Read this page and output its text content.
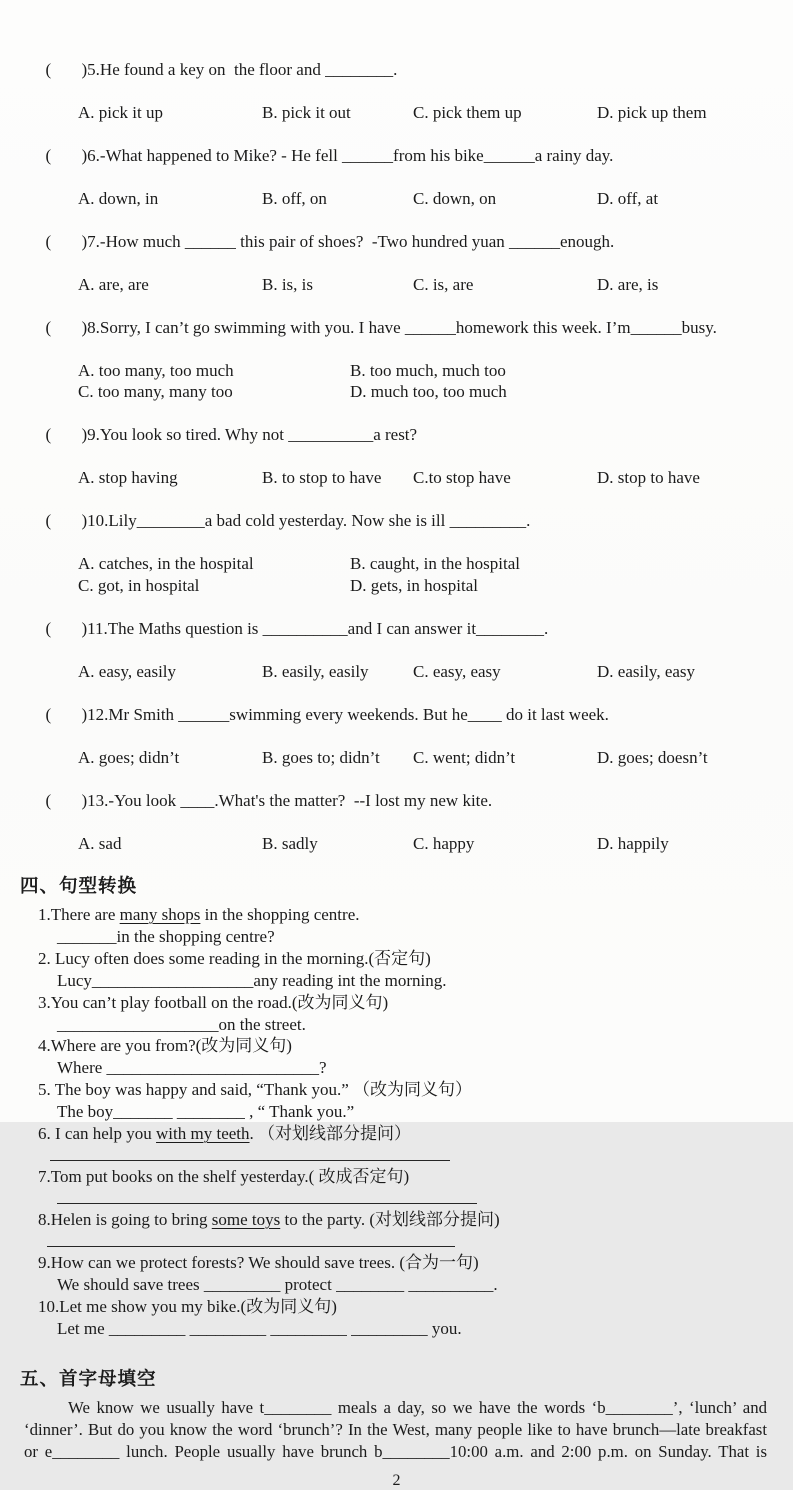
( )5.He found a key on  the floor and ________.

A. pick it up	B. pick it out	C. pick them up	D. pick up them

( )6.-What happened to Mike? - He fell ______from his bike______a rainy day.

A. down, in	B. off, on	C. down, on	D. off, at

( )7.-How much ______ this pair of shoes?  -Two hundred yuan ______enough.

A. are, are	B. is, is	C. is, are	D. are, is

( )8.Sorry, I can’t go swimming with you. I have ______homework this week. I’m______busy.

A. too many, too much	B. too much, much too
C. too many, many too	D. much too, too much

( )9.You look so tired. Why not __________a rest?

A. stop having	B. to stop to have	C.to stop have	D. stop to have

( )10.Lily________a bad cold yesterday. Now she is ill _________.

A. catches, in the hospital	B. caught, in the hospital
C. got, in hospital	D. gets, in hospital

( )11.The Maths question is __________and I can answer it________.

A. easy, easily	B. easily, easily	C. easy, easy	D. easily, easy

( )12.Mr Smith ______swimming every weekends. But he____ do it last week.

A. goes; didn’t	B. goes to; didn’t	C. went; didn’t	D. goes; doesn’t

( )13.-You look ____.What's the matter?  --I lost my new kite.

A. sad	B. sadly	C. happy	D. happily
四、句型转换
1.There are many shops in the shopping centre.
_______in the shopping centre?
2. Lucy often does some reading in the morning.(否定句)
Lucy___________________any reading int the morning.
3.You can’t play football on the road.(改为同义句)
___________________on the street.
4.Where are you from?(改为同义句)
Where _________________________?
5. The boy was happy and said, “Thank you.” （改为同义句）
The boy_______ ________ , “ Thank you.”
6. I can help you with my teeth. （对划线部分提问）
7.Tom put books on the shelf yesterday.( 改成否定句)
8.Helen is going to bring some toys to the party. (对划线部分提问)
9.How can we protect forests? We should save trees. (合为一句)
We should save trees _________ protect ________ __________.
10.Let me show you my bike.(改为同义句)
Let me _________ _________ _________ _________ you.
五、首字母填空
We know we usually have t________ meals a day, so we have the words ‘b________’, ‘lunch’ and
‘dinner’. But do you know the word ‘brunch’? In the West, many people like to have brunch—late breakfast
or e________ lunch. People usually have brunch b________10:00 a.m. and 2:00 p.m. on Sunday. That is
2
